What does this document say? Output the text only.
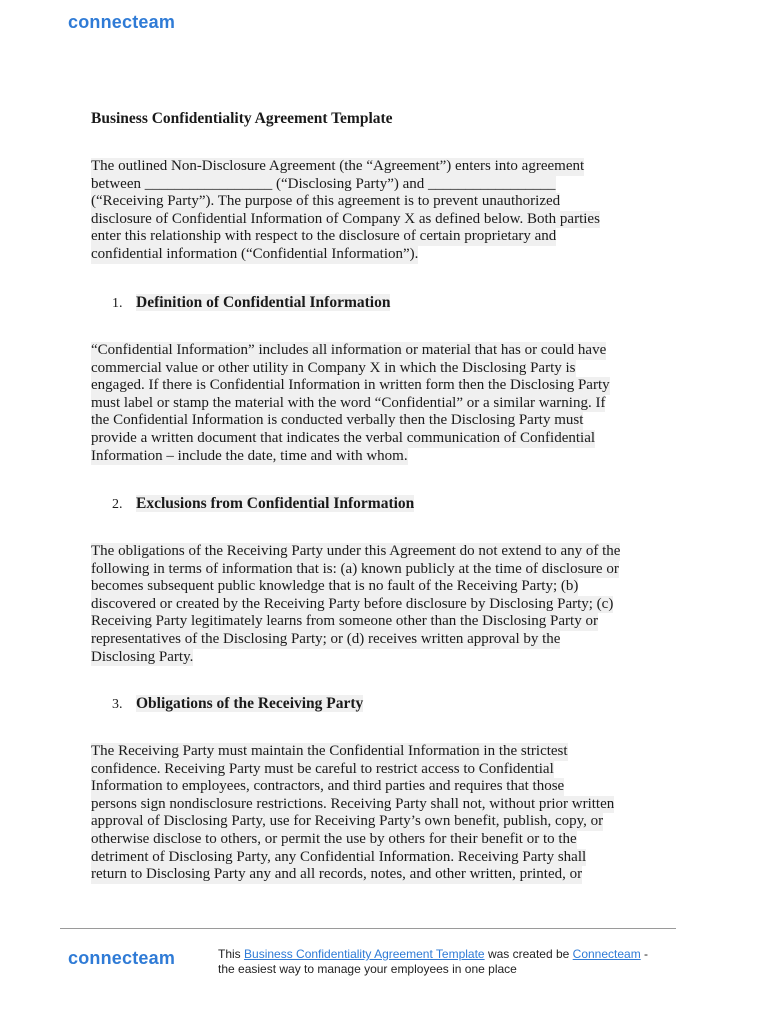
connecteam
Business Confidentiality Agreement Template
The outlined Non-Disclosure Agreement (the “Agreement”) enters into agreement
between _________________ (“Disclosing Party”) and _________________
(“Receiving Party”). The purpose of this agreement is to prevent unauthorized
disclosure of Confidential Information of Company X as defined below. Both parties
enter this relationship with respect to the disclosure of certain proprietary and
confidential information (“Confidential Information”).
1. Definition of Confidential Information
“Confidential Information” includes all information or material that has or could have
commercial value or other utility in Company X in which the Disclosing Party is
engaged. If there is Confidential Information in written form then the Disclosing Party
must label or stamp the material with the word “Confidential” or a similar warning. If
the Confidential Information is conducted verbally then the Disclosing Party must
provide a written document that indicates the verbal communication of Confidential
Information – include the date, time and with whom.
2. Exclusions from Confidential Information
The obligations of the Receiving Party under this Agreement do not extend to any of the
following in terms of information that is: (a) known publicly at the time of disclosure or
becomes subsequent public knowledge that is no fault of the Receiving Party; (b)
discovered or created by the Receiving Party before disclosure by Disclosing Party; (c)
Receiving Party legitimately learns from someone other than the Disclosing Party or
representatives of the Disclosing Party; or (d) receives written approval by the
Disclosing Party.
3. Obligations of the Receiving Party
The Receiving Party must maintain the Confidential Information in the strictest
confidence. Receiving Party must be careful to restrict access to Confidential
Information to employees, contractors, and third parties and requires that those
persons sign nondisclosure restrictions. Receiving Party shall not, without prior written
approval of Disclosing Party, use for Receiving Party’s own benefit, publish, copy, or
otherwise disclose to others, or permit the use by others for their benefit or to the
detriment of Disclosing Party, any Confidential Information. Receiving Party shall
return to Disclosing Party any and all records, notes, and other written, printed, or
connecteam	This Business Confidentiality Agreement Template was created be Connecteam -
the easiest way to manage your employees in one place
